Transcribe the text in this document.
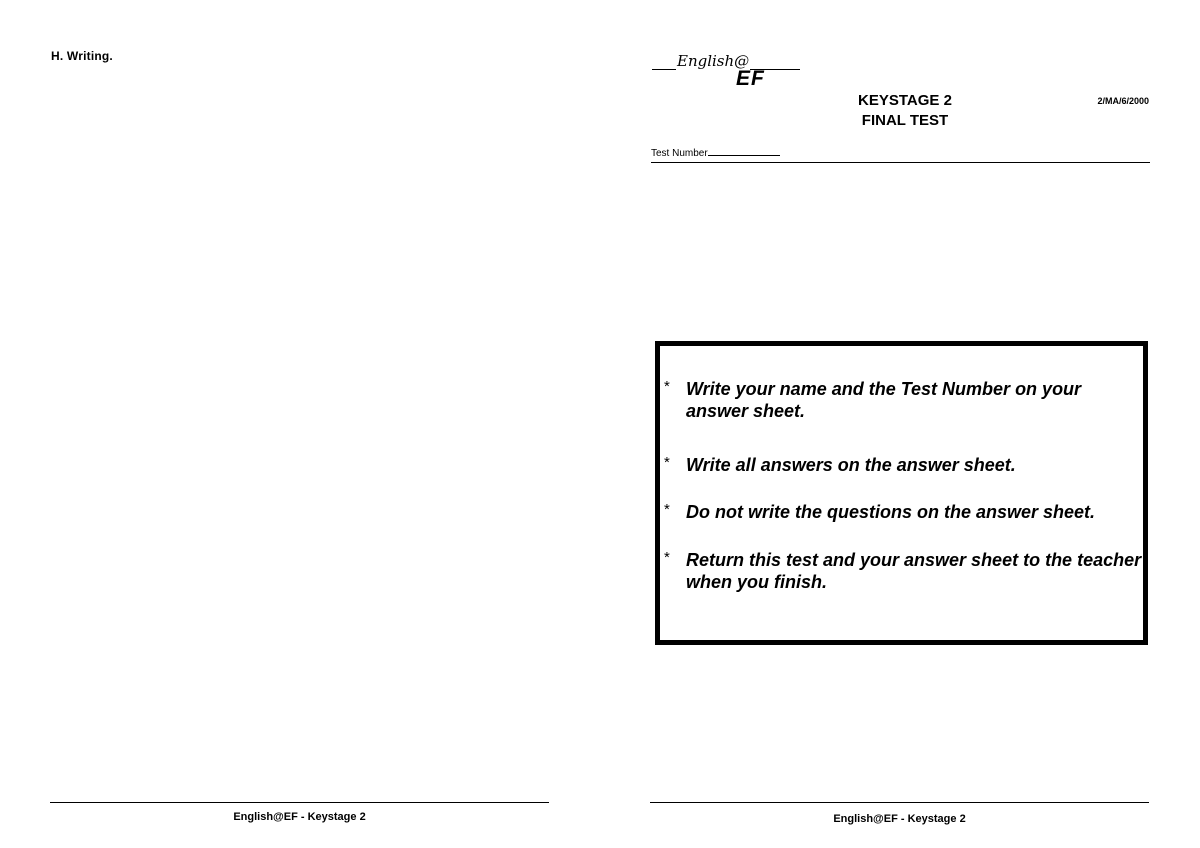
H. Writing.
English@EF - Keystage 2
English@
EF
KEYSTAGE 2
FINAL TEST
2/MA/6/2000
Test Number
* Write your name and the Test Number on your answer sheet.
* Write all answers on the answer sheet.
* Do not write the questions on the answer sheet.
* Return this test and your answer sheet to the teacher when you finish.
English@EF - Keystage 2
